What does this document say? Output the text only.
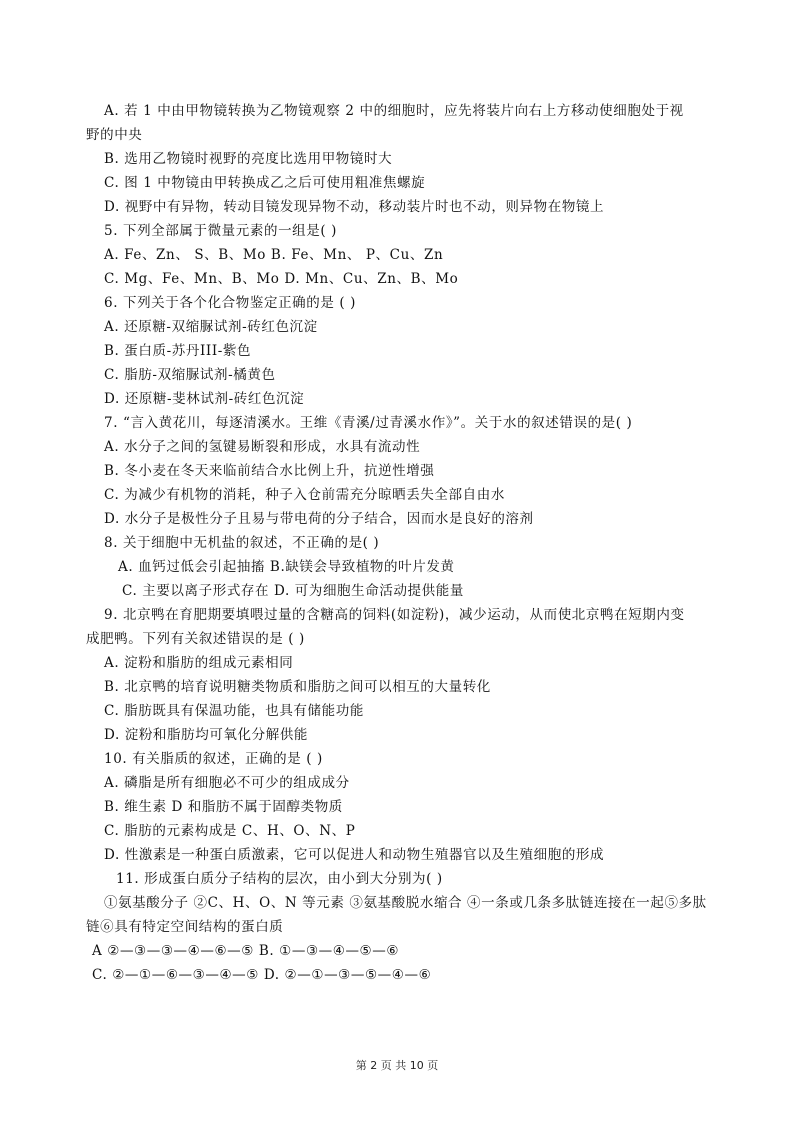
A. 若 1 中由甲物镜转换为乙物镜观察 2 中的细胞时，应先将装片向右上方移动使细胞处于视
野的中央
B. 选用乙物镜时视野的亮度比选用甲物镜时大
C. 图 1 中物镜由甲转换成乙之后可使用粗准焦螺旋
D. 视野中有异物，转动目镜发现异物不动，移动装片时也不动，则异物在物镜上
5. 下列全部属于微量元素的一组是( )
A. Fe、Zn、 S、B、Mo B. Fe、Mn、 P、Cu、Zn
C. Mg、Fe、Mn、B、Mo D. Mn、Cu、Zn、B、Mo
6. 下列关于各个化合物鉴定正确的是 ( )
A. 还原糖-双缩脲试剂-砖红色沉淀
B. 蛋白质-苏丹III-紫色
C. 脂肪-双缩脲试剂-橘黄色
D. 还原糖-斐林试剂-砖红色沉淀
7. “言入黄花川，每逐清溪水。王维《青溪/过青溪水作》”。关于水的叙述错误的是( )
A. 水分子之间的氢键易断裂和形成，水具有流动性
B. 冬小麦在冬天来临前结合水比例上升，抗逆性增强
C. 为减少有机物的消耗，种子入仓前需充分晾晒丢失全部自由水
D. 水分子是极性分子且易与带电荷的分子结合，因而水是良好的溶剂
8. 关于细胞中无机盐的叙述，不正确的是( )
A. 血钙过低会引起抽搐 B.缺镁会导致植物的叶片发黄
C. 主要以离子形式存在 D. 可为细胞生命活动提供能量
9. 北京鸭在育肥期要填喂过量的含糖高的饲料(如淀粉)，减少运动，从而使北京鸭在短期内变
成肥鸭。下列有关叙述错误的是 ( )
A. 淀粉和脂肪的组成元素相同
B. 北京鸭的培育说明糖类物质和脂肪之间可以相互的大量转化
C. 脂肪既具有保温功能，也具有储能功能
D. 淀粉和脂肪均可氧化分解供能
10. 有关脂质的叙述，正确的是 ( )
A. 磷脂是所有细胞必不可少的组成成分
B. 维生素 D 和脂肪不属于固醇类物质
C. 脂肪的元素构成是 C、H、O、N、P
D. 性激素是一种蛋白质激素，它可以促进人和动物生殖器官以及生殖细胞的形成
11. 形成蛋白质分子结构的层次，由小到大分别为( )
①氨基酸分子 ②C、H、O、N 等元素 ③氨基酸脱水缩合 ④一条或几条多肽链连接在一起⑤多肽
链⑥具有特定空间结构的蛋白质
A ②—③—③—④—⑥—⑤ B. ①—③—④—⑤—⑥
C. ②—①—⑥—③—④—⑤ D. ②—①—③—⑤—④—⑥
第 2 页 共 10 页
